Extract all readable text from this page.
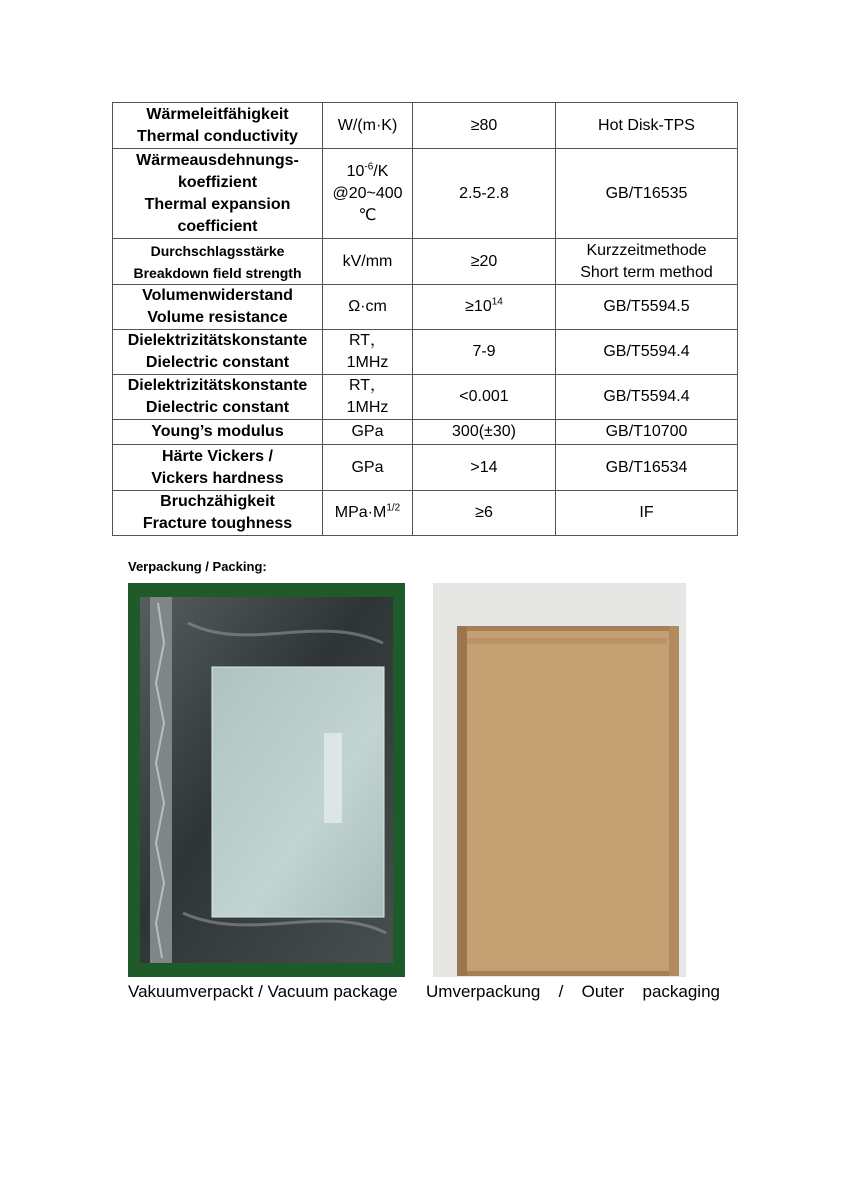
Wärmeleitfähigkeit
Thermal conductivity	W/(m·K)	≥80	Hot Disk-TPS
Wärmeausdehnungs-
koeffizient
Thermal expansion
coefficient	$10^{-6}/K$
@20~400
℃	2.5-2.8	GB/T16535
Durchschlagsstärke
Breakdown field strength	kV/mm	≥20	Kurzzeitmethode
Short term method
Volumenwiderstand
Volume resistance	Ω·cm	$\ge 10^{14}$	GB/T5594.5
Dielektrizitätskonstante
Dielectric constant	RT，
1MHz	7-9	GB/T5594.4
Dielektrizitätskonstante
Dielectric constant	RT，
1MHz	<0.001	GB/T5594.4
Young’s modulus	GPa	300(±30)	GB/T10700
Härte Vickers /
Vickers hardness	GPa	>14	GB/T16534
Bruchzähigkeit
Fracture toughness	$MPa\cdot M^{1/2}$	≥6	IF
Verpackung / Packing:
Vakuumverpackt / Vacuum package Umverpackung / Outer packaging
